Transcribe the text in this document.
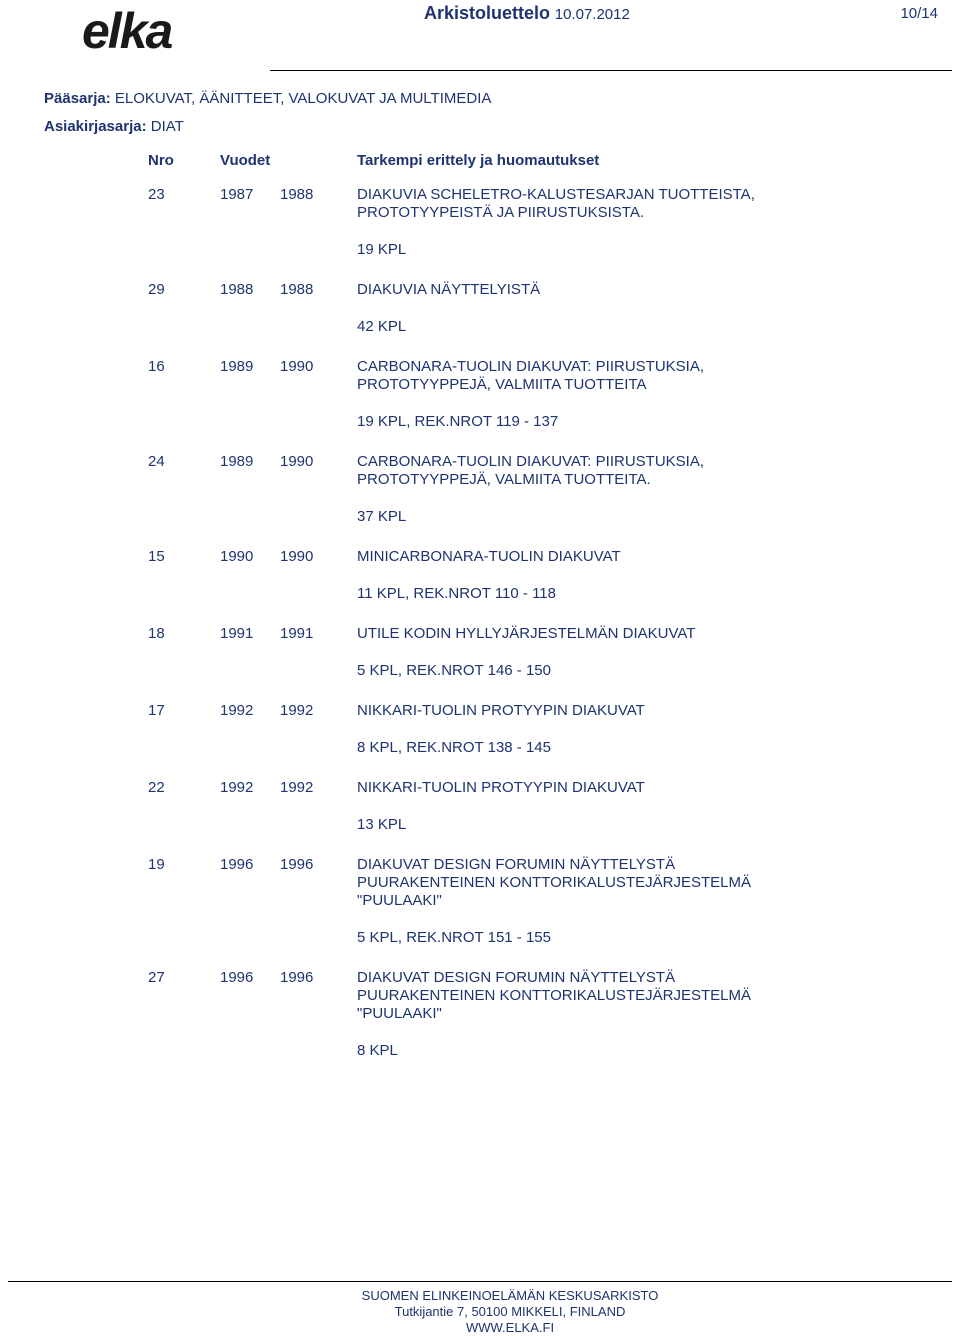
elka	Arkistoluettelo 10.07.2012	10/14
Pääsarja: ELOKUVAT, ÄÄNITTEET, VALOKUVAT JA MULTIMEDIA
Asiakirjasarja: DIAT
Nro	Vuodet	Tarkempi erittely ja huomautukset
23	1987 1988	DIAKUVIA SCHELETRO-KALUSTESARJAN TUOTTEISTA,
PROTOTYYPEISTÄ JA PIIRUSTUKSISTA.
19 KPL
29	1988 1988	DIAKUVIA NÄYTTELYISTÄ
42 KPL
16	1989 1990	CARBONARA-TUOLIN DIAKUVAT: PIIRUSTUKSIA,
PROTOTYYPPEJÄ, VALMIITA TUOTTEITA
19 KPL, REK.NROT 119 - 137
24	1989 1990	CARBONARA-TUOLIN DIAKUVAT: PIIRUSTUKSIA,
PROTOTYYPPEJÄ, VALMIITA TUOTTEITA.
37 KPL
15	1990 1990	MINICARBONARA-TUOLIN DIAKUVAT
11 KPL, REK.NROT 110 - 118
18	1991 1991	UTILE KODIN HYLLYJÄRJESTELMÄN DIAKUVAT
5 KPL, REK.NROT 146 - 150
17	1992 1992	NIKKARI-TUOLIN PROTYYPIN DIAKUVAT
8 KPL, REK.NROT 138 - 145
22	1992 1992	NIKKARI-TUOLIN PROTYYPIN DIAKUVAT
13 KPL
19	1996 1996	DIAKUVAT DESIGN FORUMIN NÄYTTELYSTÄ
PUURAKENTEINEN KONTTORIKALUSTEJÄRJESTELMÄ
"PUULAAKI"
5 KPL, REK.NROT 151 - 155
27	1996 1996	DIAKUVAT DESIGN FORUMIN NÄYTTELYSTÄ
PUURAKENTEINEN KONTTORIKALUSTEJÄRJESTELMÄ
"PUULAAKI"
8 KPL
SUOMEN ELINKEINOELÄMÄN KESKUSARKISTO
Tutkijantie 7, 50100 MIKKELI, FINLAND
WWW.ELKA.FI
